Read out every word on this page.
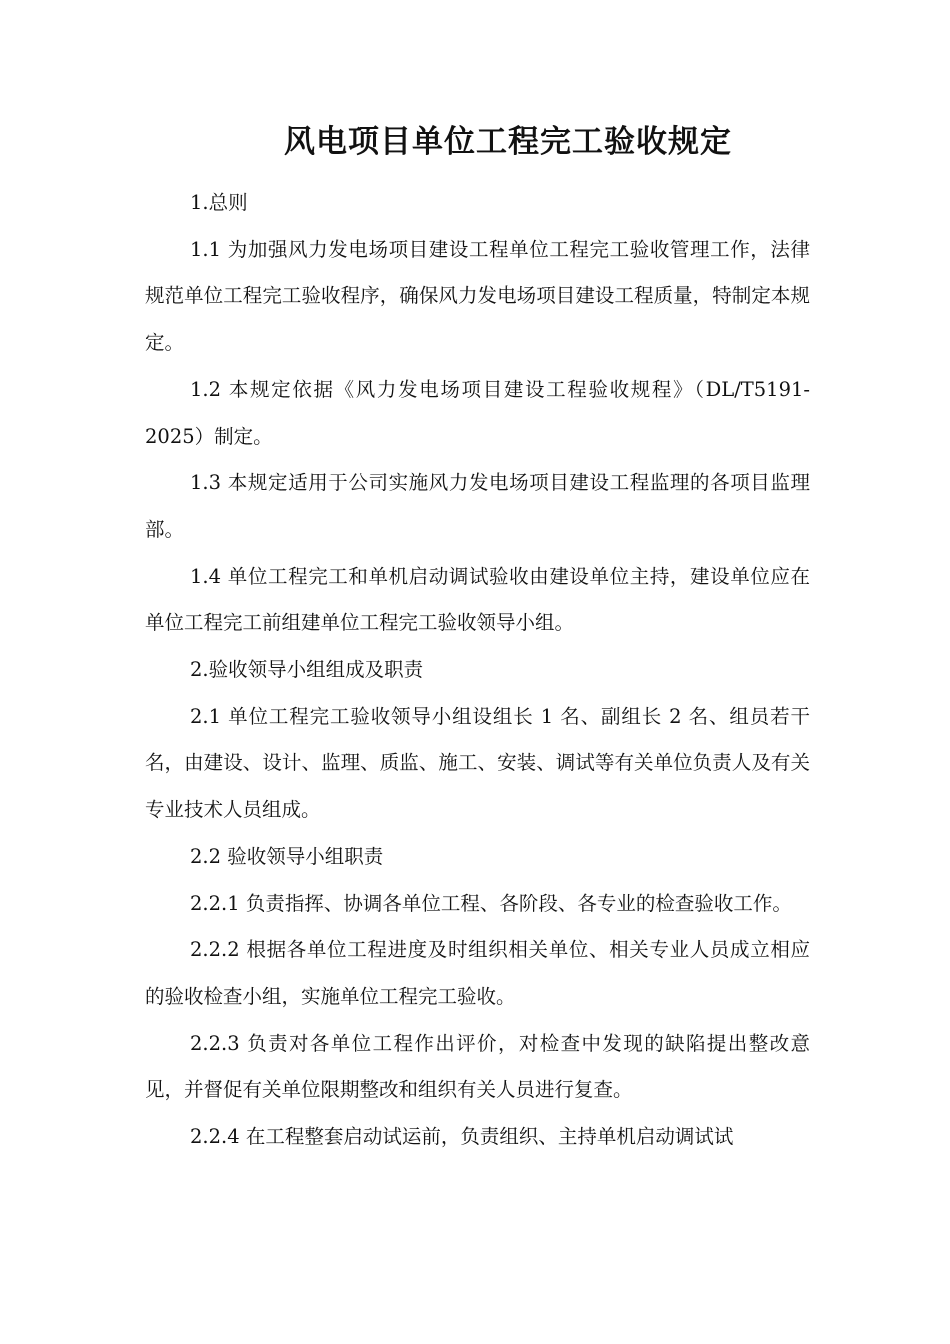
风电项目单位工程完工验收规定

1.总则

1.1 为加强风力发电场项目建设工程单位工程完工验收管理工作，法律规范单位工程完工验收程序，确保风力发电场项目建设工程质量，特制定本规定。

1.2 本规定依据《风力发电场项目建设工程验收规程》（DL/T5191-2025）制定。

1.3 本规定适用于公司实施风力发电场项目建设工程监理的各项目监理部。

1.4 单位工程完工和单机启动调试验收由建设单位主持，建设单位应在单位工程完工前组建单位工程完工验收领导小组。

2.验收领导小组组成及职责

2.1 单位工程完工验收领导小组设组长 1 名、副组长 2 名、组员若干名，由建设、设计、监理、质监、施工、安装、调试等有关单位负责人及有关专业技术人员组成。

2.2 验收领导小组职责

2.2.1 负责指挥、协调各单位工程、各阶段、各专业的检查验收工作。

2.2.2 根据各单位工程进度及时组织相关单位、相关专业人员成立相应的验收检查小组，实施单位工程完工验收。

2.2.3 负责对各单位工程作出评价，对检查中发现的缺陷提出整改意见，并督促有关单位限期整改和组织有关人员进行复查。

2.2.4 在工程整套启动试运前，负责组织、主持单机启动调试试
